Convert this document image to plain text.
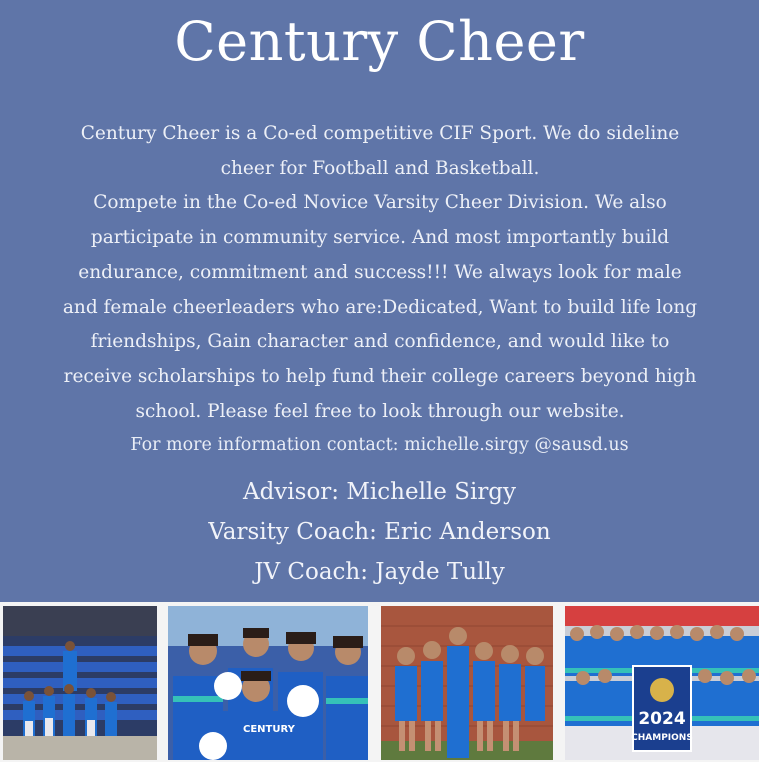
Century Cheer

Century Cheer is a Co-ed competitive CIF Sport. We do sideline cheer for Football and Basketball.

Compete in the Co-ed Novice Varsity Cheer Division. We also participate in community service. And most importantly build endurance, commitment and success!!! We always look for male and female cheerleaders who are:Dedicated, Want to build life long friendships, Gain character and confidence, and would like to receive scholarships to help fund their college careers beyond high school. Please feel free to look through our website.

For more information contact: michelle.sirgy @sausd.us
Advisor: Michelle Sirgy
Varsity Coach: Eric Anderson
JV Coach: Jayde Tully
CENTURY
2024
CHAMPIONS
